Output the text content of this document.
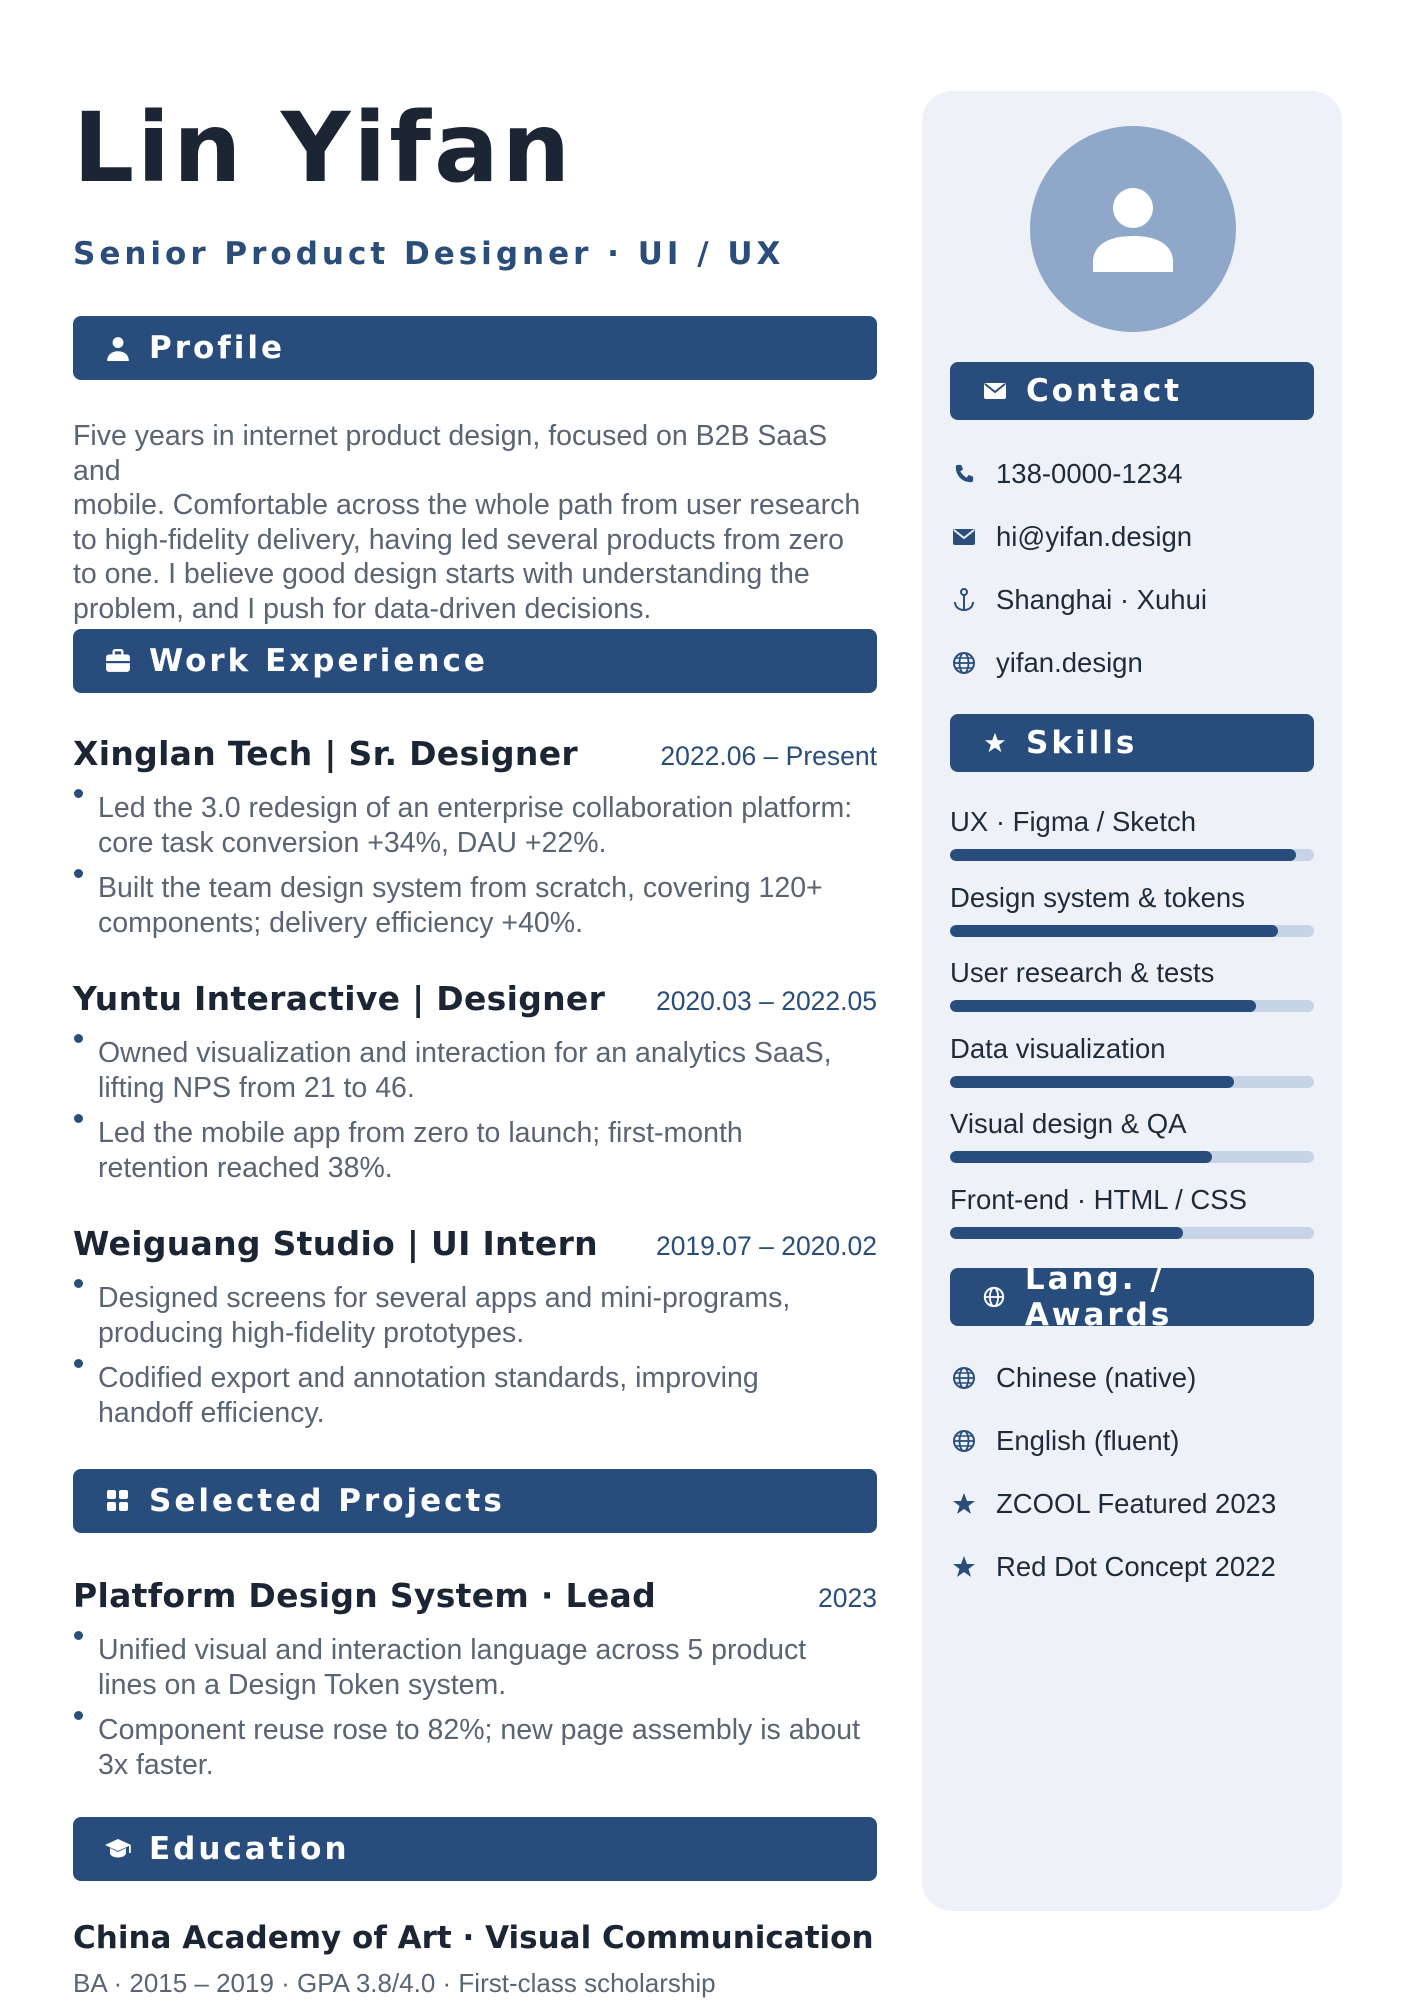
Lin Yifan
Senior Product Designer · UI / UX
Profile
Five years in internet product design, focused on B2B SaaS and
mobile. Comfortable across the whole path from user research
to high-fidelity delivery, having led several products from zero
to one. I believe good design starts with understanding the
problem, and I push for data-driven decisions.
Work Experience
Xinglan Tech | Sr. Designer	2022.06 – Present
Led the 3.0 redesign of an enterprise collaboration platform:
core task conversion +34%, DAU +22%.
Built the team design system from scratch, covering 120+
components; delivery efficiency +40%.
Yuntu Interactive | Designer 2020.03 – 2022.05
Owned visualization and interaction for an analytics SaaS,
lifting NPS from 21 to 46.
Led the mobile app from zero to launch; first-month
retention reached 38%.
Weiguang Studio | UI Intern 2019.07 – 2020.02
Designed screens for several apps and mini-programs,
producing high-fidelity prototypes.
Codified export and annotation standards, improving
handoff efficiency.
Selected Projects
Platform Design System · Lead	2023
Unified visual and interaction language across 5 product
lines on a Design Token system.
Component reuse rose to 82%; new page assembly is about
3x faster.
Education
China Academy of Art · Visual Communication
BA · 2015 – 2019 · GPA 3.8/4.0 · First-class scholarship
Contact
138-0000-1234
hi@yifan.design
Shanghai · Xuhui
yifan.design
Skills
UX · Figma / Sketch
Design system & tokens
User research & tests
Data visualization
Visual design & QA
Front-end · HTML / CSS
Lang. / Awards
Chinese (native)
English (fluent)
ZCOOL Featured 2023
Red Dot Concept 2022
